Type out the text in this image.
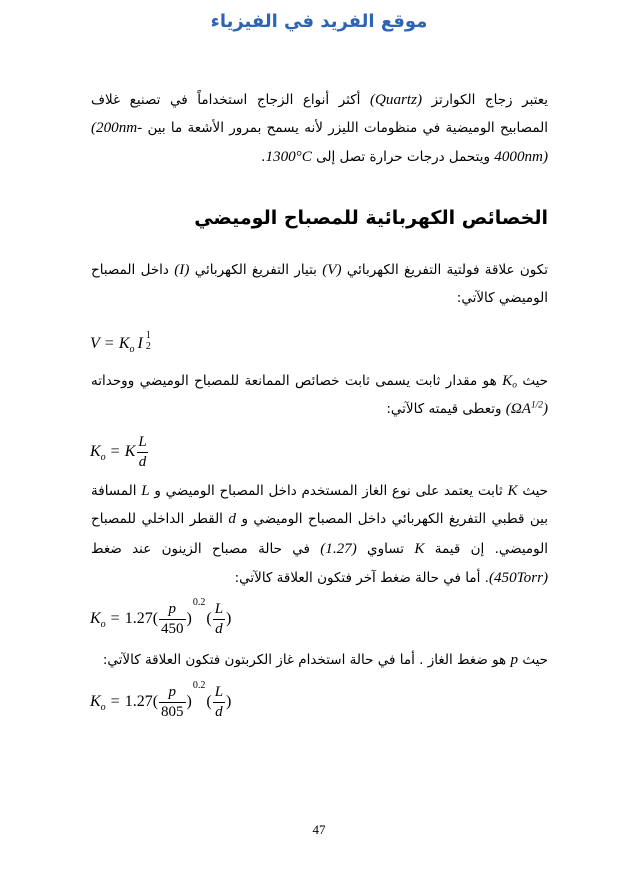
موقع الفريد في الفيزياء
يعتبر زجاج الكوارتز (Quartz) أكثر أنواع الزجاج استخداماً في تصنيع غلاف
المصابيح الوميضية في منظومات الليزر لأنه يسمح بمرور الأشعة ما بين (200nm-
4000nm) ويتحمل درجات حرارة تصل إلى 1300°C.
الخصائص الكهربائية للمصباح الوميضي
تكون علاقة فولتية التفريغ الكهربائي (V) بتيار التفريغ الكهربائي (I) داخل المصباح
الوميضي كالآتي:
$V = K_o$ I 1
2
حيث $K_o$ هو مقدار ثابت يسمى ثابت خصائص الممانعة للمصباح الوميضي ووحداته
$(\Omega A^{1/2})$ وتعطى قيمته كالآتي:
$K_o = K \frac{L}{d}$
حيث K ثابت يعتمد على نوع الغاز المستخدم داخل المصباح الوميضي و L المسافة
بين قطبي التفريغ الكهربائي داخل المصباح الوميضي و d القطر الداخلي للمصباح
الوميضي. إن قيمة K تساوي (1.27) في حالة مصباح الزينون عند ضغط
(450Torr). أما في حالة ضغط آخر فتكون العلاقة كالآتي:
$K_o = 1.27( \frac{p}{450} )^{0.2}( \frac{L}{d}$ )
حيث p هو ضغط الغاز . أما في حالة استخدام غاز الكربتون فتكون العلاقة كالآتي:
$K_o = 1.27( \frac{p}{805} )^{0.2}( \frac{L}{d}$ )
47
